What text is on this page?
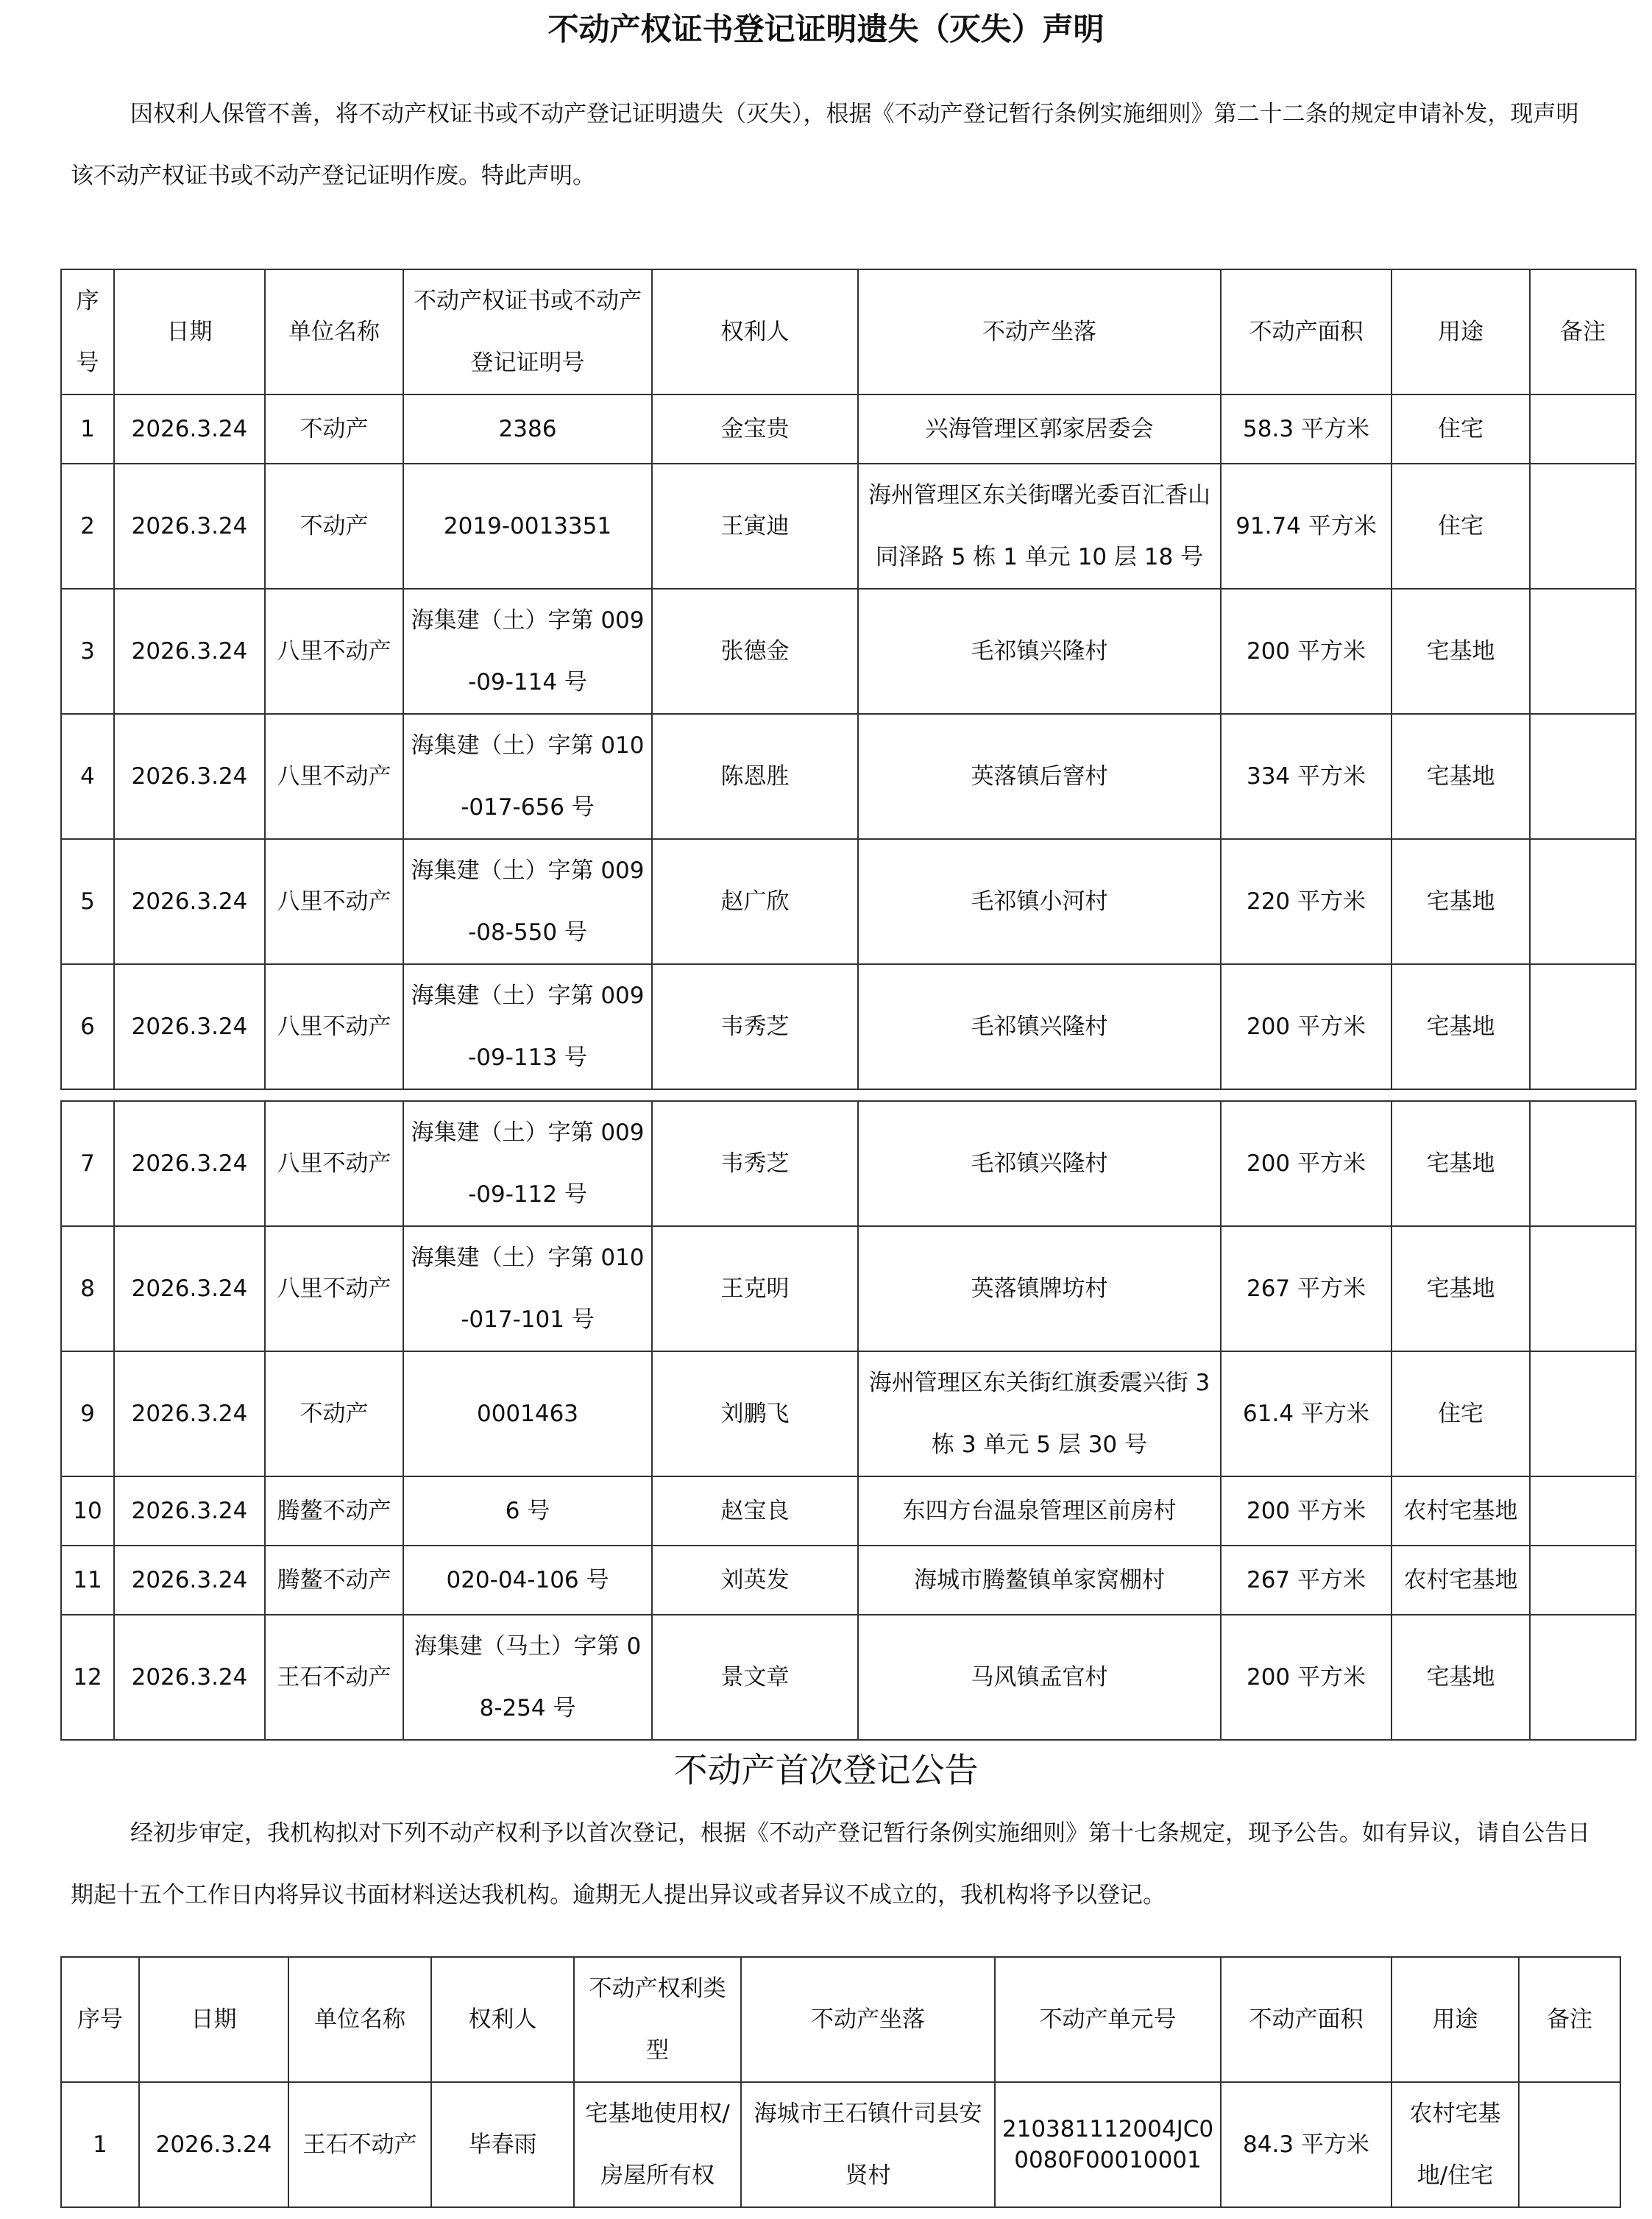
不动产权证书登记证明遗失（灭失）声明
因权利人保管不善，将不动产权证书或不动产登记证明遗失（灭失），根据《不动产登记暂行条例实施细则》第二十二条的规定申请补发，现声明该不动产权证书或不动产登记证明作废。特此声明。
序号	日期	单位名称	不动产权证书或不动产登记证明号	权利人	不动产坐落	不动产面积	用途	备注
1	2026.3.24	不动产	2386	金宝贵	兴海管理区郭家居委会	58.3 平方米	住宅	
2	2026.3.24	不动产	2019-0013351	王寅迪	海州管理区东关街曙光委百汇香山同泽路 5 栋 1 单元 10 层 18 号	91.74 平方米	住宅	
3	2026.3.24	八里不动产	海集建（土）字第 009-09-114 号	张德金	毛祁镇兴隆村	200 平方米	宅基地	
4	2026.3.24	八里不动产	海集建（土）字第 010-017-656 号	陈恩胜	英落镇后窨村	334 平方米	宅基地	
5	2026.3.24	八里不动产	海集建（土）字第 009-08-550 号	赵广欣	毛祁镇小河村	220 平方米	宅基地	
6	2026.3.24	八里不动产	海集建（土）字第 009-09-113 号	韦秀芝	毛祁镇兴隆村	200 平方米	宅基地	
7	2026.3.24	八里不动产	海集建（土）字第 009-09-112 号	韦秀芝	毛祁镇兴隆村	200 平方米	宅基地	
8	2026.3.24	八里不动产	海集建（土）字第 010-017-101 号	王克明	英落镇牌坊村	267 平方米	宅基地	
9	2026.3.24	不动产	0001463	刘鹏飞	海州管理区东关街红旗委震兴街 3 栋 3 单元 5 层 30 号	61.4 平方米	住宅	
10	2026.3.24	腾鳌不动产	6 号	赵宝良	东四方台温泉管理区前房村	200 平方米	农村宅基地	
11	2026.3.24	腾鳌不动产	020-04-106 号	刘英发	海城市腾鳌镇单家窝棚村	267 平方米	农村宅基地	
12	2026.3.24	王石不动产	海集建（马土）字第 08-254 号	景文章	马风镇孟官村	200 平方米	宅基地	
不动产首次登记公告
经初步审定，我机构拟对下列不动产权利予以首次登记，根据《不动产登记暂行条例实施细则》第十七条规定，现予公告。如有异议，请自公告日期起十五个工作日内将异议书面材料送达我机构。逾期无人提出异议或者异议不成立的，我机构将予以登记。
序号	日期	单位名称	权利人	不动产权利类型	不动产坐落	不动产单元号	不动产面积	用途	备注
1	2026.3.24	王石不动产	毕春雨	宅基地使用权/房屋所有权	海城市王石镇什司县安贤村	210381112004JC00080F00010001	84.3 平方米	农村宅基地/住宅	
